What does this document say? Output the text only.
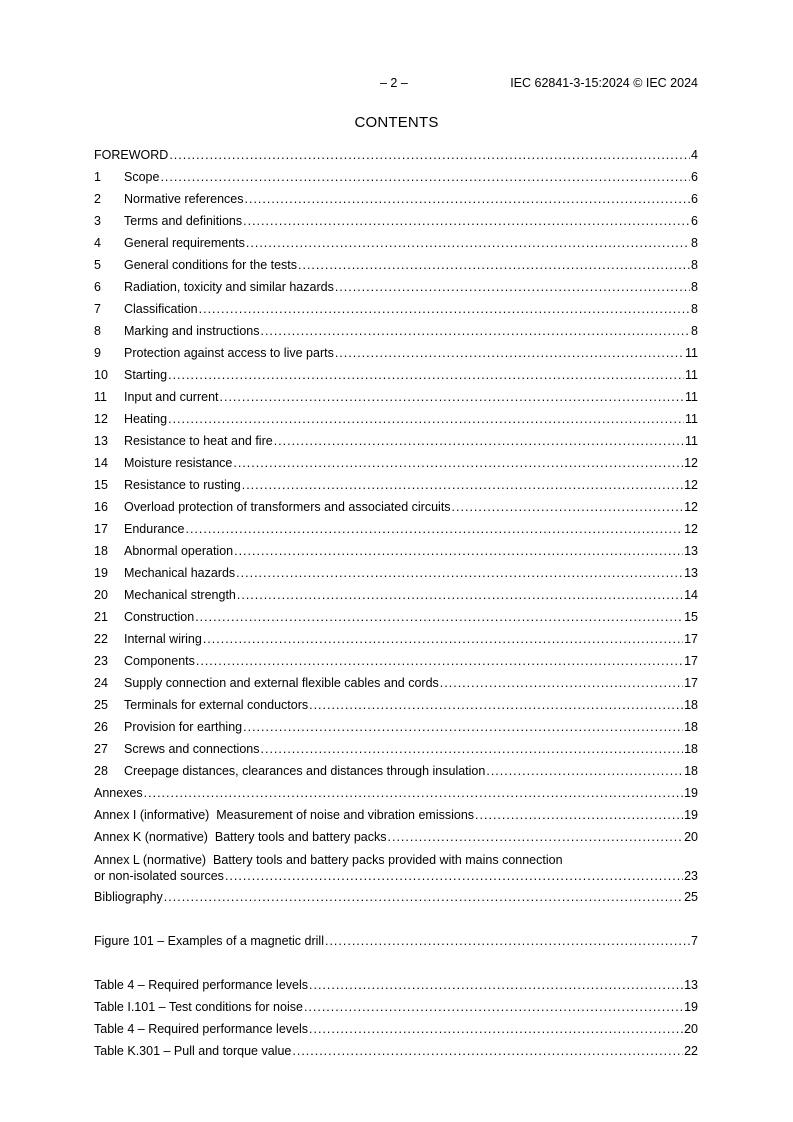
– 2 –	IEC 62841-3-15:2024 © IEC 2024
CONTENTS
FOREWORD .....	4
1	Scope .....	6
2	Normative references .....	6
3	Terms and definitions .....	6
4	General requirements .....	8
5	General conditions for the tests .....	8
6	Radiation, toxicity and similar hazards .....	8
7	Classification .....	8
8	Marking and instructions .....	8
9	Protection against access to live parts .....	11
10	Starting .....	11
11	Input and current .....	11
12	Heating .....	11
13	Resistance to heat and fire .....	11
14	Moisture resistance .....	12
15	Resistance to rusting .....	12
16	Overload protection of transformers and associated circuits .....	12
17	Endurance .....	12
18	Abnormal operation .....	13
19	Mechanical hazards .....	13
20	Mechanical strength .....	14
21	Construction .....	15
22	Internal wiring .....	17
23	Components .....	17
24	Supply connection and external flexible cables and cords .....	17
25	Terminals for external conductors .....	18
26	Provision for earthing .....	18
27	Screws and connections .....	18
28	Creepage distances, clearances and distances through insulation .....	18
Annexes .....	19
Annex I (informative)  Measurement of noise and vibration emissions .....	19
Annex K (normative)  Battery tools and battery packs .....	20
Annex L (normative)  Battery tools and battery packs provided with mains connection
or non-isolated sources .....	23
Bibliography .....	25
Figure 101 – Examples of a magnetic drill .....	7
Table 4 – Required performance levels .....	13
Table I.101 – Test conditions for noise .....	19
Table 4 – Required performance levels .....	20
Table K.301 – Pull and torque value .....	22
